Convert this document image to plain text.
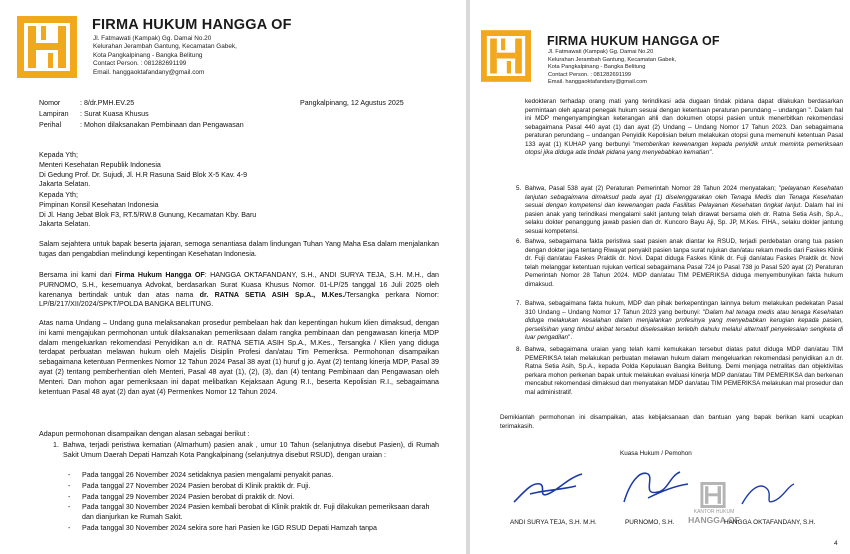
FIRMA HUKUM HANGGA OF
Jl. Fatmawati (Kampak) Gg. Damai No.20
Kelurahan Jerambah Gantung, Kecamatan Gabek,
Kota Pangkalpinang - Bangka Belitung
Contact Person. : 081282691199
Email. hanggaoktafandany@gmail.com
Nomor	: 8/dr.PMH.EV.25	Pangkalpinang, 12 Agustus 2025
Lampiran : Surat Kuasa Khusus
Perihal	: Mohon dilaksanakan Pembinaan dan Pengawasan
Kepada Yth;
Menteri Kesehatan Republik Indonesia
Di Gedung Prof. Dr. Sujudi, Jl. H.R Rasuna Said Blok X-5 Kav. 4-9
Jakarta Selatan.
Kepada Yth;
Pimpinan Konsil Kesehatan Indonesia
Di Jl. Hang Jebat Blok F3, RT.5/RW.8 Gunung, Kecamatan Kby. Baru
Jakarta Selatan.
Salam sejahtera untuk bapak beserta jajaran, semoga senantiasa dalam lindungan Tuhan Yang Maha Esa dalam menjalankan tugas dan pengabdian melindungi kepentingan Kesehatan Indonesia.
Bersama ini kami dari Firma Hukum Hangga OF: HANGGA OKTAFANDANY, S.H., ANDI SURYA TEJA, S.H. M.H., dan PURNOMO, S.H., kesemuanya Advokat, berdasarkan Surat Kuasa Khusus Nomor. 01-LP/25 tanggal 16 Juli 2025 oleh karenanya bertindak untuk dan atas nama dr. RATNA SETIA ASIH Sp.A., M.Kes./Tersangka perkara Nomor: LP/B/217/XII/2024/SPKT/POLDA BANGKA BELITUNG.
Atas nama Undang – Undang guna melaksanakan prosedur pembelaan hak dan kepentingan hukum klien dimaksud, dengan ini kami mengajukan permohonan untuk dilaksanakan pemeriksaan dalam rangka pembinaan dan pengawasan kinerja MDP dalam mengeluarkan rekomendasi Penyidikan a.n dr. RATNA SETIA ASIH Sp.A., M.Kes., Tersangka / Klien yang diduga terdapat perbuatan melawan hukum oleh Majelis Disiplin Profesi dan/atau Tim Pemeriksa. Permohonan disampaikan sebagaimana ketentuan Permenkes Nomor 12 Tahun 2024 Pasal 38 ayat (1) huruf g jo. Ayat (2) tentang kinerja MDP, Pasal 39 ayat (2) tentang pemberhentian oleh Menteri, Pasal 48 ayat (1), (2), (3), dan (4) tentang Pembinaan dan Pengawasan oleh Menteri. Dan mohon agar pemeriksaan ini dapat melibatkan Kejaksaan Agung R.I., beserta Kepolisian R.I., sebagaimana ketentuan Pasal 48 ayat (2) dan ayat (4) Permenkes Nomor 12 Tahun 2024.
Adapun permohonan disampaikan dengan alasan sebagai berikut :
1. Bahwa, terjadi peristiwa kematian (Almarhum) pasien anak , umur 10 Tahun (selanjutnya disebut Pasien), di Rumah Sakit Umum Daerah Depati Hamzah Kota Pangkalpinang (selanjutnya disebut RSUD), dengan uraian :
-	Pada tanggal 26 November 2024 setidaknya pasien mengalami penyakit panas.
-	Pada tanggal 27 November 2024 Pasien berobat di Klinik praktik dr. Fuji.
-	Pada tanggal 29 November 2024 Pasien berobat di praktik dr. Novi.
-	Pada tanggal 30 November 2024 Pasien kembali berobat di Klinik praktik dr. Fuji dilakukan pemeriksaan darah dan dianjurkan ke Rumah Sakit.
-	Pada tanggal 30 November 2024 sekira sore hari Pasien ke IGD RSUD Depati Hamzah tanpa
FIRMA HUKUM HANGGA OF
Jl. Fatmawati (Kampak) Gg. Damai No.20
Kelurahan Jerambah Gantung, Kecamatan Gabek,
Kota Pangkalpinang - Bangka Belitung
Contact Person. : 081282691199
Email. hanggaoktafandany@gmail.com
kedokteran terhadap orang mati yang terindikasi ada dugaan tindak pidana dapat dilakukan berdasarkan permintaan oleh aparat penegak hukum sesuai dengan ketentuan peraturan perundang – undangan ". Dalam hal ini MDP mengenyampingkan keterangan ahli dan dokumen otopsi pasien untuk menerbitkan rekomendasi sebagaimana Pasal 440 ayat (1) dan ayat (2) Undang – Undang Nomor 17 Tahun 2023. Dan sebagaimana peraturan perundang – undangan Penyidik Kepolisian belum melakukan otopsi guna memenuhi ketentuan Pasal 133 ayat (1) KUHAP yang berbunyi "memberikan kewenangan kepada penyidik untuk meminta pemeriksaan otopsi jika diduga ada tindak pidana yang menyebabkan kematian".
5. Bahwa, Pasal 538 ayat (2) Peraturan Pemerintah Nomor 28 Tahun 2024 menyatakan; "pelayanan Kesehatan lanjutan sebagaimana dimaksud pada ayat (1) diselenggarakan oleh Tenaga Medis dan Tenaga Kesehatan sesuai dengan kompetensi dan kewenangan pada Fasilitas Pelayanan Kesehatan tingkat lanjut. Dalam hal ini pasien anak yang terindikasi mengalami sakit jantung telah dirawat bersama oleh dr. Ratna Setia Asih, Sp.A., selaku dokter penanggung jawab pasien dan dr. Kuncoro Bayu Aji, Sp. JP, M.Kes. FIHA., selaku dokter jantung sesuai kompetensi.
6. Bahwa, sebagaimana fakta peristiwa saat pasien anak diantar ke RSUD, terjadi perdebatan orang tua pasien dengan dokter jaga tentang Riwayat penyakit pasien tanpa surat rujukan dan/atau rekam medis dari Faskes Klinik dr. Fuji dan/atau Faskes Praktik dr. Novi. Dapat diduga Faskes Klinik dr. Fuji dan/atau Faskes Praktik dr. Novi telah melanggar ketentuan rujukan vertical sebagaimana Pasal 724 jo Pasal 738 jo Pasal 520 ayat (2) Peraturan Pemerintah Nomor 28 Tahun 2024. MDP dan/atau TIM PEMERIKSA diduga menyembunyikan fakta hukum dimaksud.
7. Bahwa, sebagaimana fakta hukum, MDP dan pihak berkepentingan lainnya belum melakukan pedekatan Pasal 310 Undang – Undang Nomor 17 Tahun 2023 yang berbunyi: "Dalam hal tenaga medis atau tenaga Kesehatan diduga melakukan kesalahan dalam menjalankan profesinya yang menyebabkan kerugian kepada pasien, perselisihan yang timbul akibat tersebut diselesaikan terlebih dahulu melalui alternatif penyelesaian sengketa di luar pengadilan".
8. Bahwa, sebagaimana uraian yang telah kami kemukakan tersebut diatas patut diduga MDP dan/atau TIM PEMERIKSA telah melakukan perbuatan melawan hukum dalam mengeluarkan rekomendasi penyidikan a.n dr. Ratna Setia Asih, Sp.A., kepada Polda Kepulauan Bangka Belitung. Demi menjaga netralitas dan objektivitas perkara mohon perkenan bapak untuk melakukan evaluasi kinerja MDP dan/atau TIM PEMERIKSA dan berkenan mencabut rekomendasi dimaksud dan menyatakan MDP dan/atau TIM PEMERIKSA melakukan mal prosedur dan mal administratif.
Demikianlah permohonan ini disampaikan, atas kebijaksanaan dan bantuan yang bapak berikan kami ucapkan terimakasih.
Kuasa Hukum / Pemohon
KANTOR HUKUM
HANGGA OF
ANDI SURYA TEJA, S.H. M.H.	PURNOMO, S.H.	HANGGA OKTAFANDANY, S.H.
4
